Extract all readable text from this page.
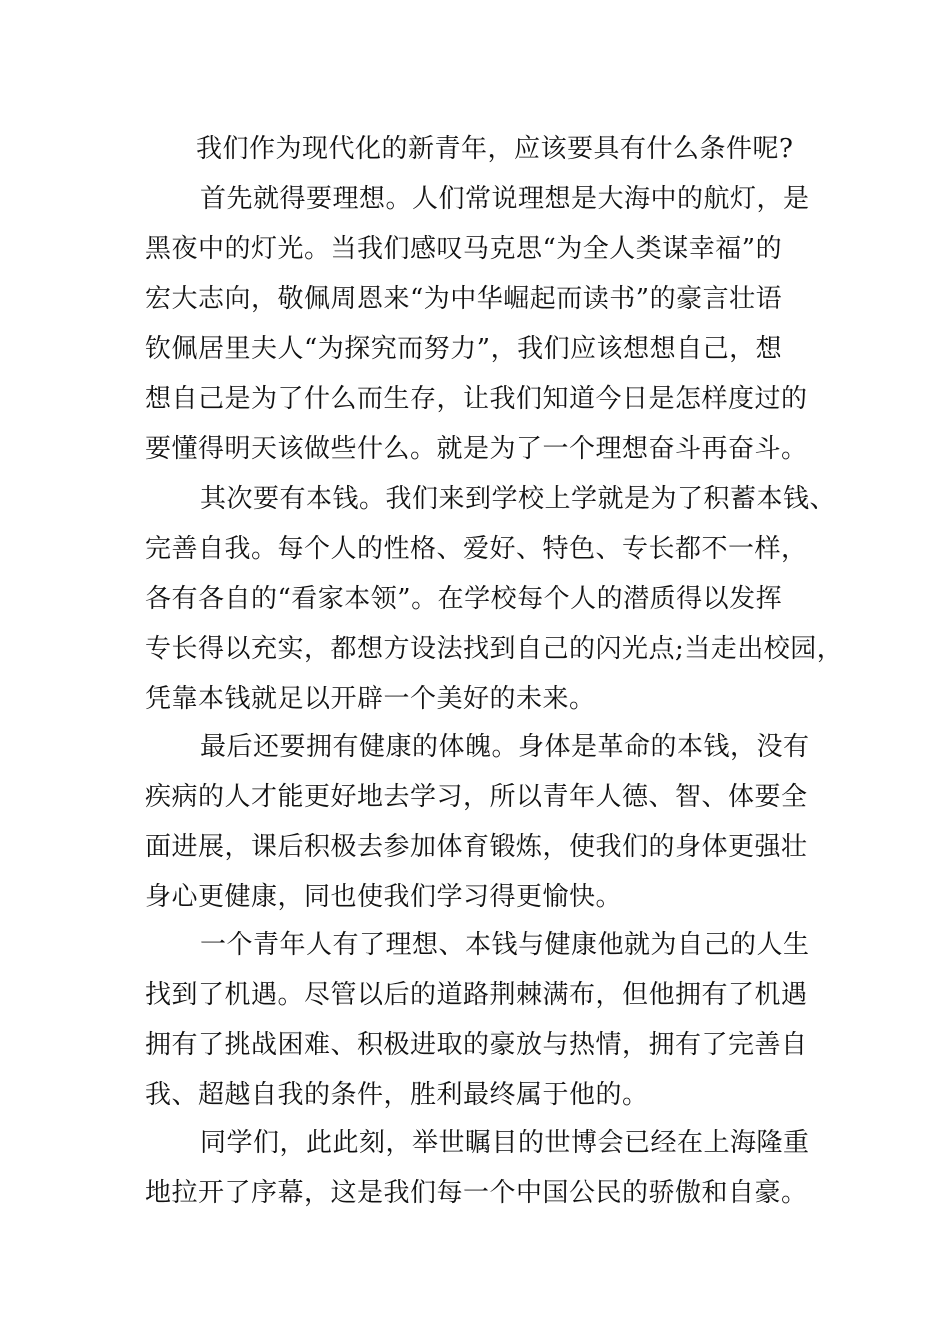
我们作为现代化的新青年，应该要具有什么条件呢?
首先就得要理想。人们常说理想是大海中的航灯，是
黑夜中的灯光。当我们感叹马克思“为全人类谋幸福”的
宏大志向，敬佩周恩来“为中华崛起而读书”的豪言壮语
钦佩居里夫人“为探究而努力”，我们应该想想自己，想
想自己是为了什么而生存，让我们知道今日是怎样度过的
要懂得明天该做些什么。就是为了一个理想奋斗再奋斗。
其次要有本钱。我们来到学校上学就是为了积蓄本钱、
完善自我。每个人的性格、爱好、特色、专长都不一样，
各有各自的“看家本领”。在学校每个人的潜质得以发挥
专长得以充实，都想方设法找到自己的闪光点;当走出校园，
凭靠本钱就足以开辟一个美好的未来。
最后还要拥有健康的体魄。身体是革命的本钱，没有
疾病的人才能更好地去学习，所以青年人德、智、体要全
面进展，课后积极去参加体育锻炼，使我们的身体更强壮
身心更健康，同也使我们学习得更愉快。
一个青年人有了理想、本钱与健康他就为自己的人生
找到了机遇。尽管以后的道路荆棘满布，但他拥有了机遇
拥有了挑战困难、积极进取的豪放与热情，拥有了完善自
我、超越自我的条件，胜利最终属于他的。
同学们，此此刻，举世瞩目的世博会已经在上海隆重
地拉开了序幕，这是我们每一个中国公民的骄傲和自豪。
